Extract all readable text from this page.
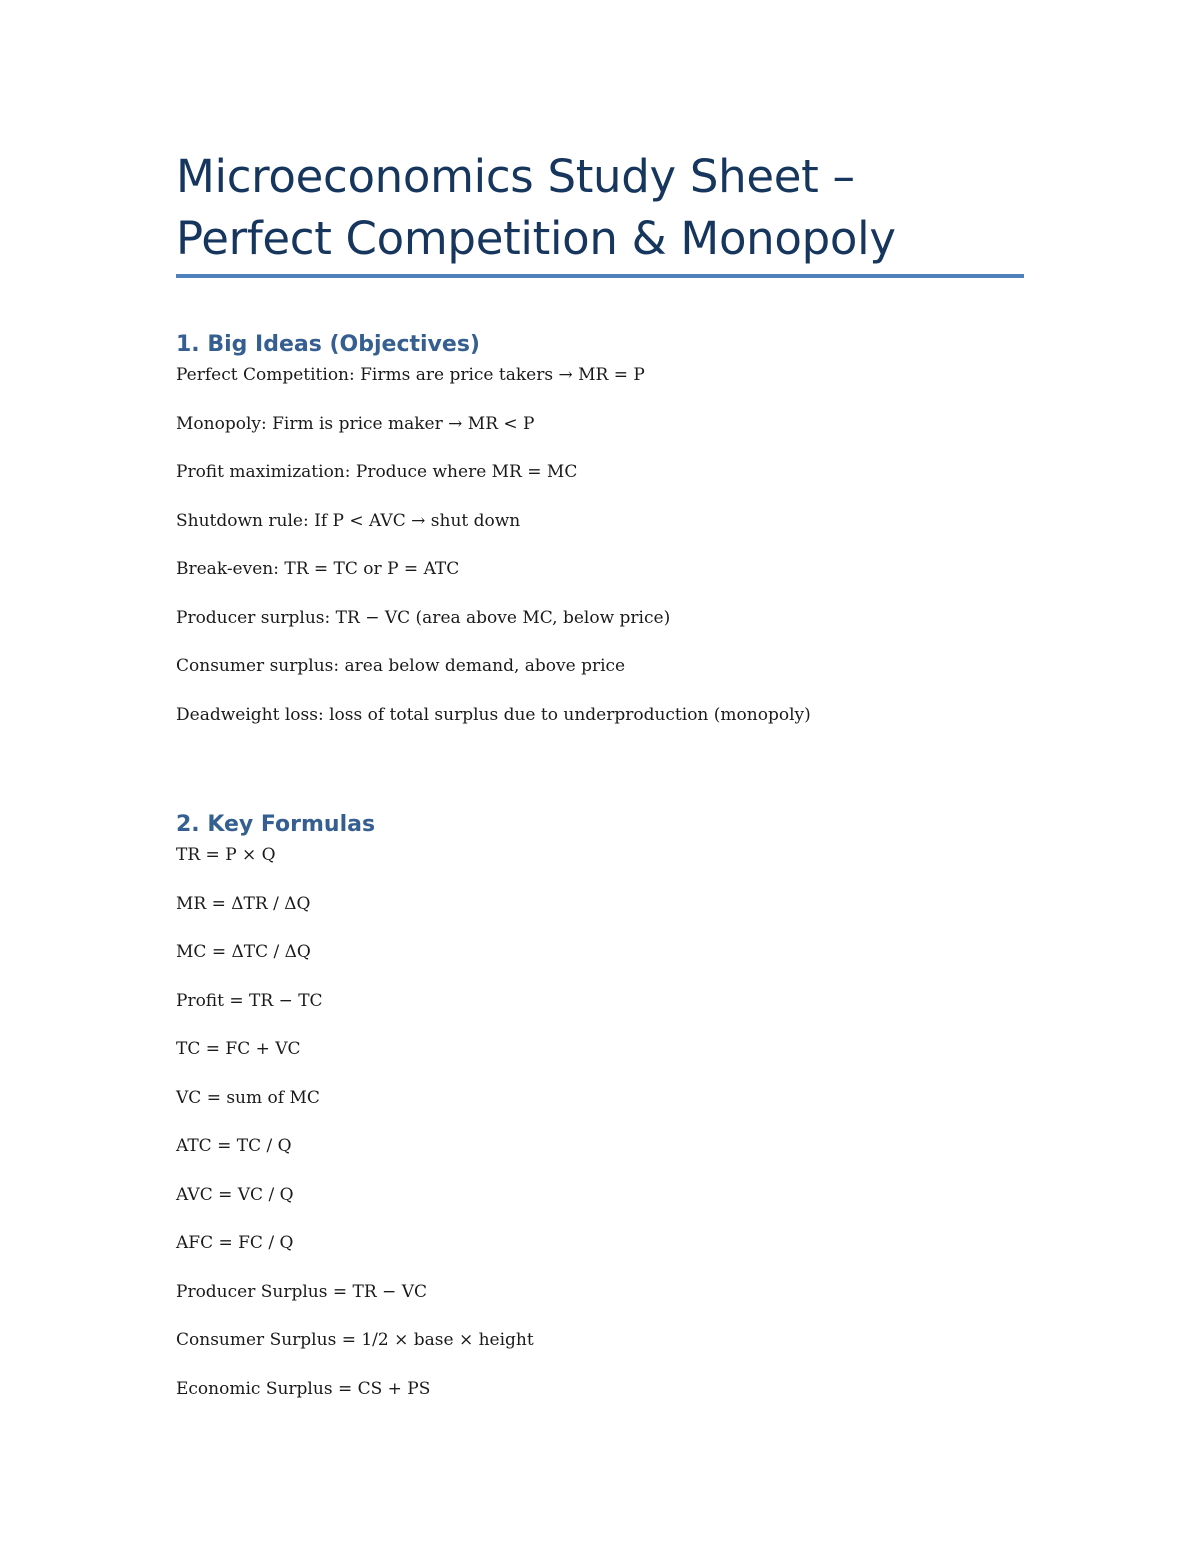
Microeconomics Study Sheet – Perfect Competition & Monopoly
1. Big Ideas (Objectives)
Perfect Competition: Firms are price takers → MR = P
Monopoly: Firm is price maker → MR < P
Profit maximization: Produce where MR = MC
Shutdown rule: If P < AVC → shut down
Break-even: TR = TC or P = ATC
Producer surplus: TR − VC (area above MC, below price)
Consumer surplus: area below demand, above price
Deadweight loss: loss of total surplus due to underproduction (monopoly)
2. Key Formulas
TR = P × Q
MR = ΔTR / ΔQ
MC = ΔTC / ΔQ
Profit = TR − TC
TC = FC + VC
VC = sum of MC
ATC = TC / Q
AVC = VC / Q
AFC = FC / Q
Producer Surplus = TR − VC
Consumer Surplus = 1/2 × base × height
Economic Surplus = CS + PS
